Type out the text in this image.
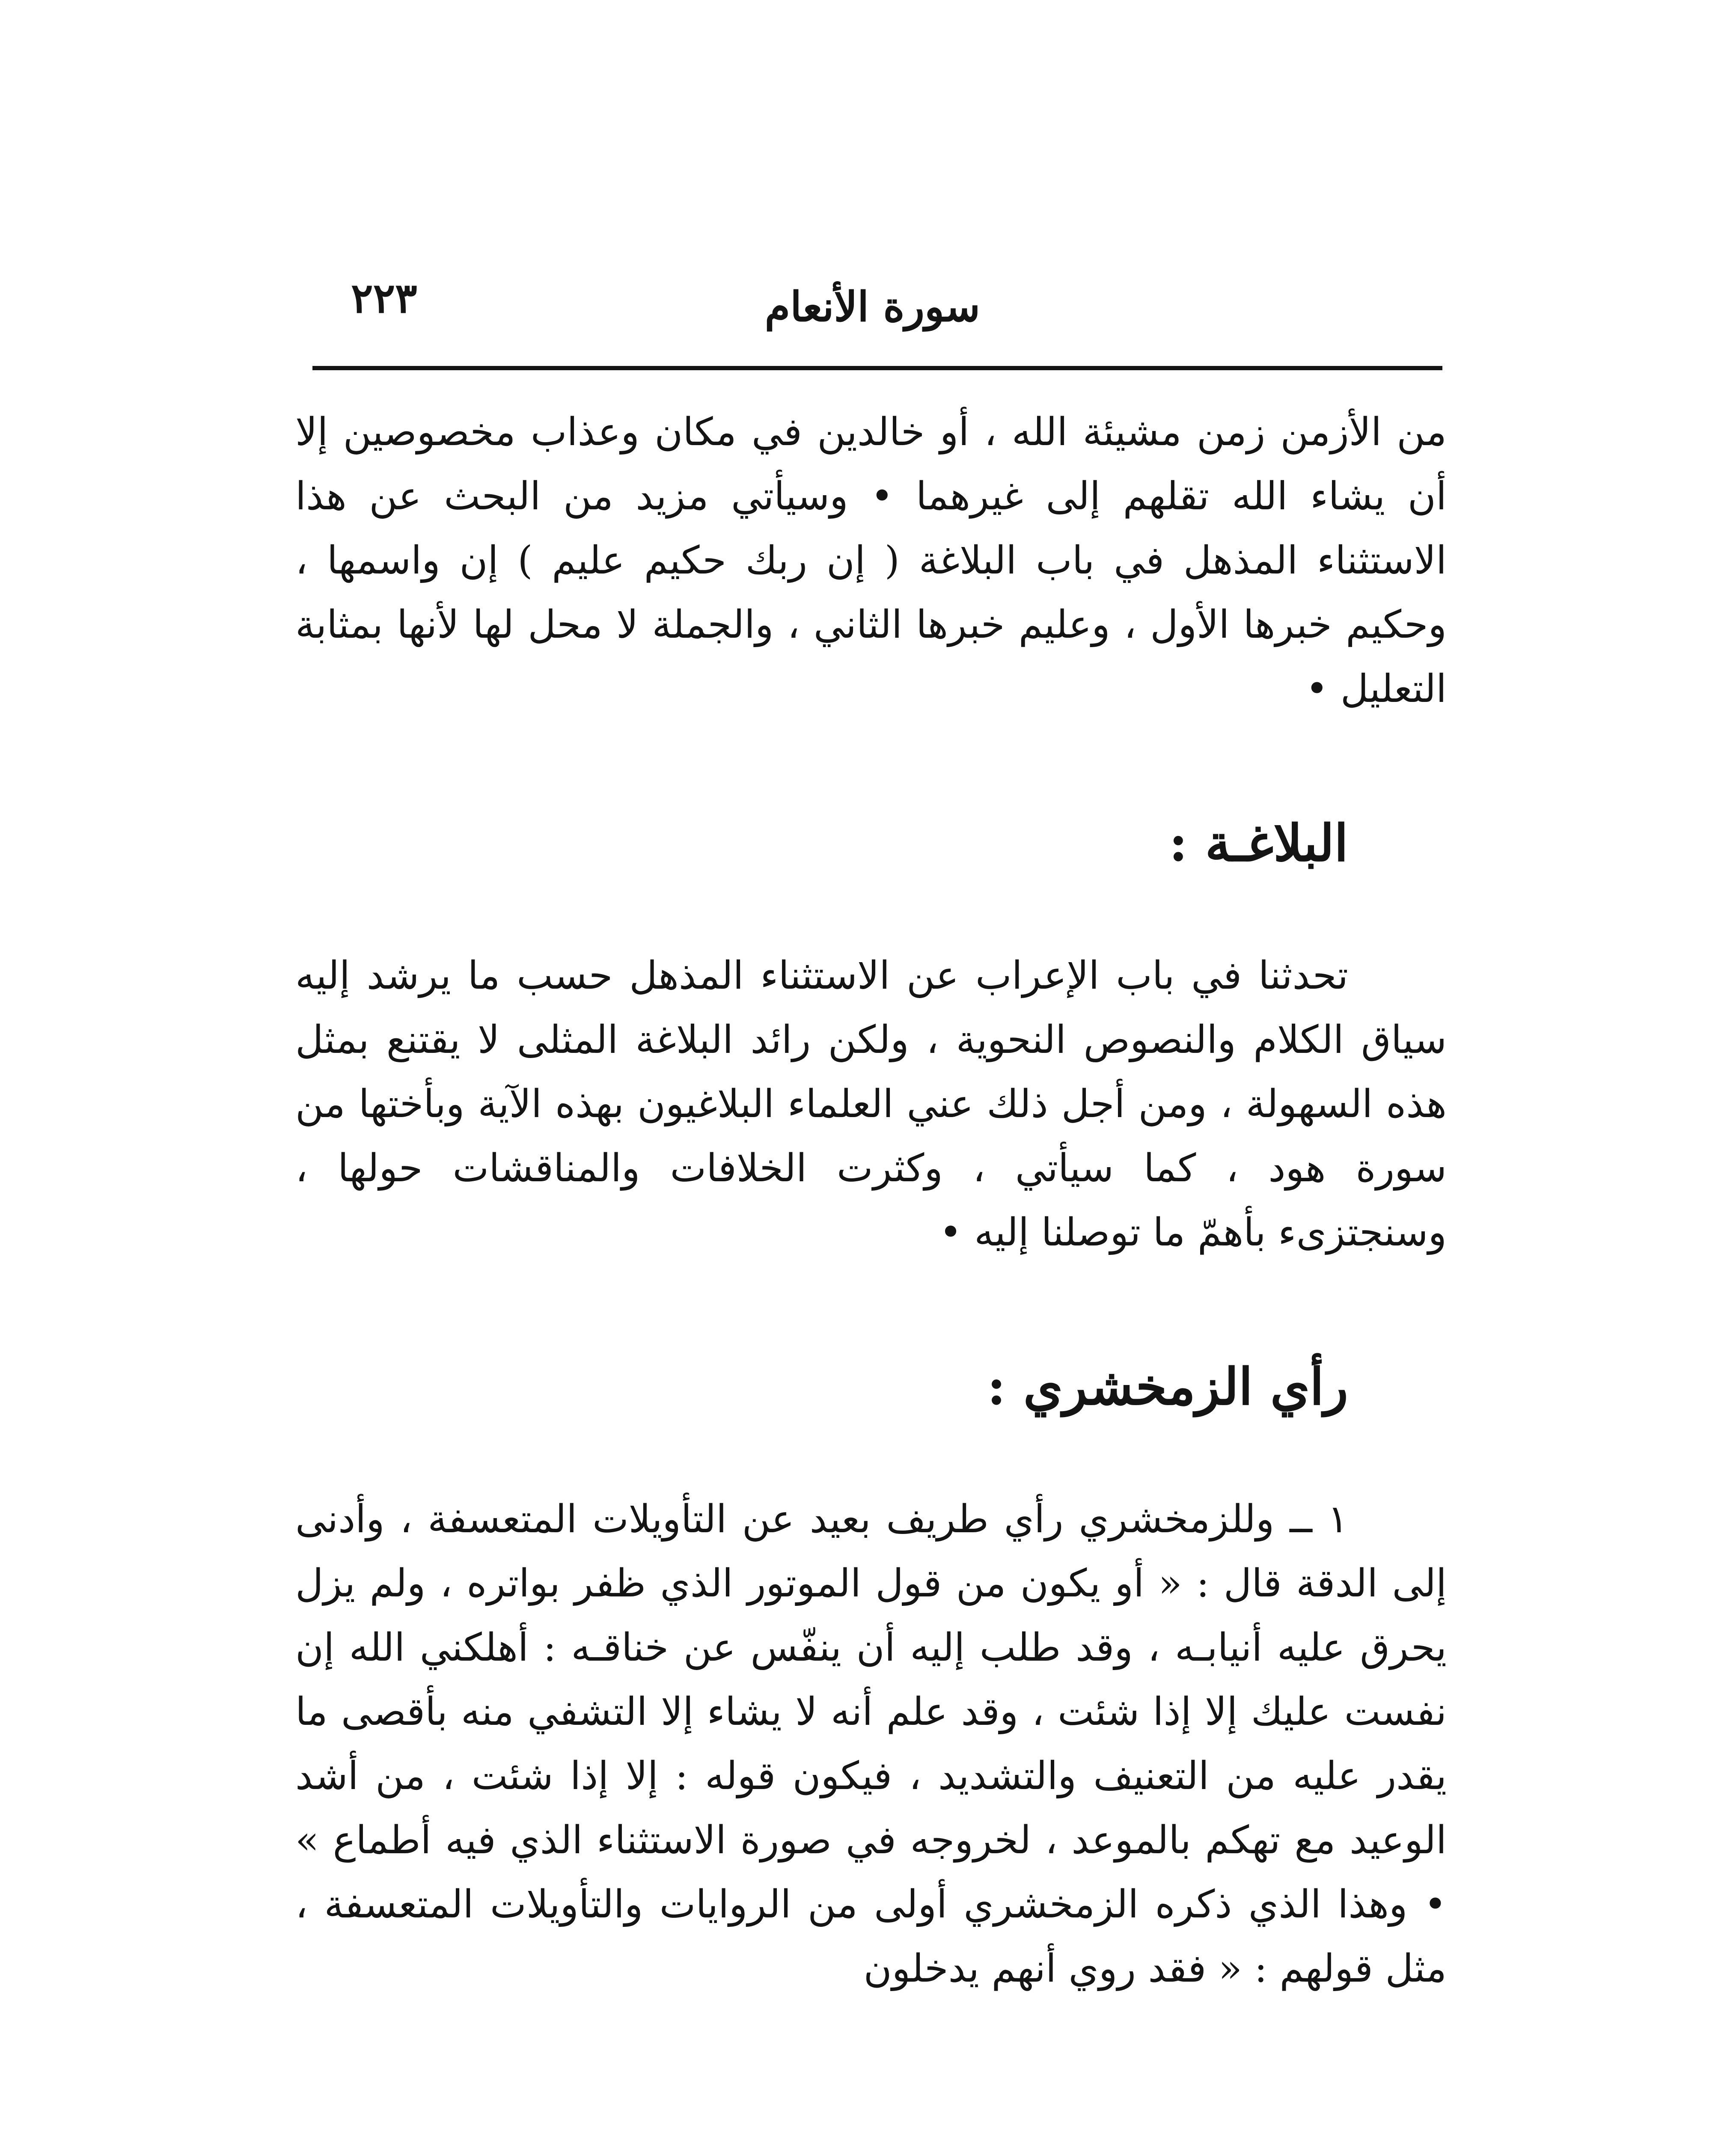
سورة الأنعام
٢٢٣

من الأزمن زمن مشيئة الله ، أو خالدين في مكان وعذاب مخصوصين إلا أن يشاء الله تقلهم إلى غيرهما • وسيأتي مزيد من البحث عن هذا الاستثناء المذهل في باب البلاغة ( إن ربك حكيم عليم ) إن واسمها ، وحكيم خبرها الأول ، وعليم خبرها الثاني ، والجملة لا محل لها لأنها بمثابة التعليل •

البلاغـة :

تحدثنا في باب الإعراب عن الاستثناء المذهل حسب ما يرشد إليه سياق الكلام والنصوص النحوية ، ولكن رائد البلاغة المثلى لا يقتنع بمثل هذه السهولة ، ومن أجل ذلك عني العلماء البلاغيون بهذه الآية وبأختها من سورة هود ، كما سيأتي ، وكثرت الخلافات والمناقشات حولها ، وسنجتزىء بأهمّ ما توصلنا إليه •

رأي الزمخشري :

١ ــ وللزمخشري رأي طريف بعيد عن التأويلات المتعسفة ، وأدنى إلى الدقة قال : « أو يكون من قول الموتور الذي ظفر بواتره ، ولم يزل يحرق عليه أنيابـه ، وقد طلب إليه أن ينفّس عن خناقـه : أهلكني الله إن نفست عليك إلا إذا شئت ، وقد علم أنه لا يشاء إلا التشفي منه بأقصى ما يقدر عليه من التعنيف والتشديد ، فيكون قوله : إلا إذا شئت ، من أشد الوعيد مع تهكم بالموعد ، لخروجه في صورة الاستثناء الذي فيه أطماع » • وهذا الذي ذكره الزمخشري أولى من الروايات والتأويلات المتعسفة ، مثل قولهم : « فقد روي أنهم يدخلون
